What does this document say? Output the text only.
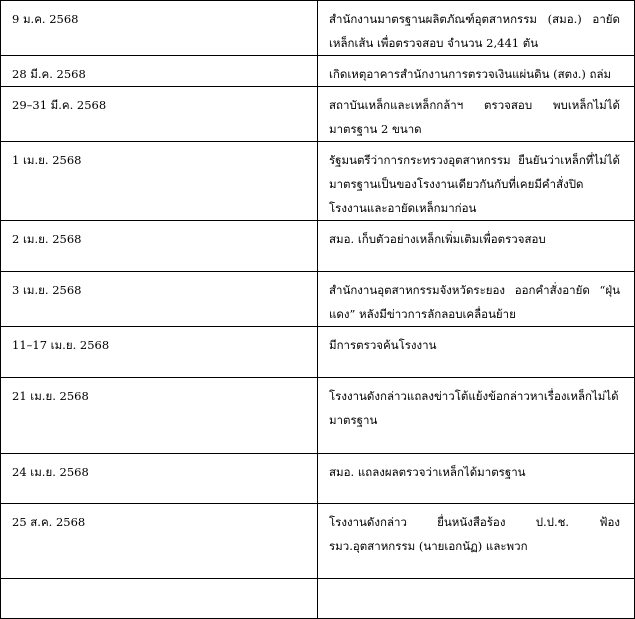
9 ม.ค. 2568	สำนักงานมาตรฐานผลิตภัณฑ์อุตสาหกรรม (สมอ.) อายัดเหล็กเส้น เพื่อตรวจสอบ จำนวน 2,441 ตัน
28 มี.ค. 2568	เกิดเหตุอาคารสำนักงานการตรวจเงินแผ่นดิน (สตง.) ถล่ม
29–31 มี.ค. 2568	สถาบันเหล็กและเหล็กกล้าฯ ตรวจสอบ พบเหล็กไม่ได้มาตรฐาน 2 ขนาด
1 เม.ย. 2568	รัฐมนตรีว่าการกระทรวงอุตสาหกรรม ยืนยันว่าเหล็กที่ไม่ได้มาตรฐานเป็นของโรงงานเดียวกันกับที่เคยมีคำสั่งปิดโรงงานและอายัดเหล็กมาก่อน
2 เม.ย. 2568	สมอ. เก็บตัวอย่างเหล็กเพิ่มเติมเพื่อตรวจสอบ
3 เม.ย. 2568	สำนักงานอุตสาหกรรมจังหวัดระยอง ออกคำสั่งอายัด “ฝุ่นแดง” หลังมีข่าวการลักลอบเคลื่อนย้าย
11–17 เม.ย. 2568	มีการตรวจค้นโรงงาน
21 เม.ย. 2568	โรงงานดังกล่าวแถลงข่าวโต้แย้งข้อกล่าวหาเรื่องเหล็กไม่ได้มาตรฐาน
24 เม.ย. 2568	สมอ. แถลงผลตรวจว่าเหล็กได้มาตรฐาน
25 ส.ค. 2568	โรงงานดังกล่าว ยื่นหนังสือร้อง ป.ป.ช. ฟ้อง รมว.อุตสาหกรรม (นายเอกนัฏ) และพวก
